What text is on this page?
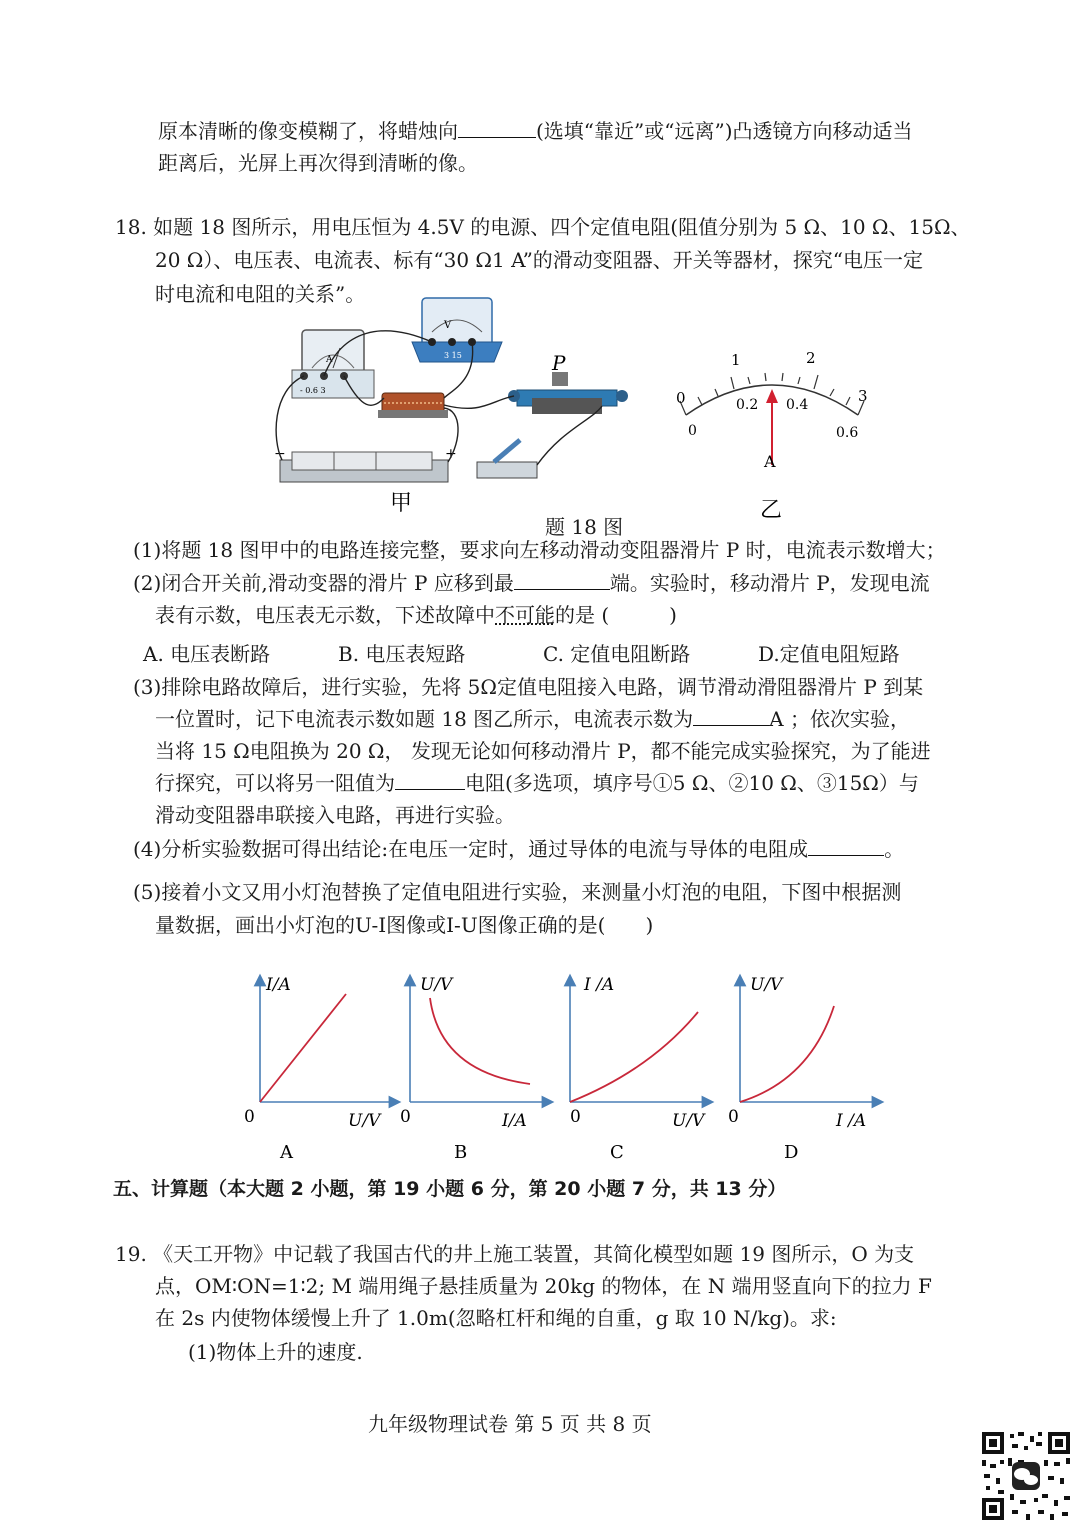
原本清晰的像变模糊了，将蜡烛向	(选填“靠近”或“远离”)凸透镜方向移动适当
距离后，光屏上再次得到清晰的像。
18. 如题 18 图所示，用电压恒为 4.5V 的电源、四个定值电阻(阻值分别为 5 Ω、10 Ω、15Ω、
20 Ω）、电压表、电流表、标有“30 Ω1 A”的滑动变阻器、开关等器材，探究“电压一定
时电流和电阻的关系”。
A
- 0.6 3
V
3 15	P
−	+
甲
0
1	2
3
0
0.2 0.4
0.6
A
乙
题 18 图
(1)将题 18 图甲中的电路连接完整，要求向左移动滑动变阻器滑片 P 时，电流表示数增大；
(2)闭合开关前,滑动变器的滑片 P 应移到最	端。实验时，移动滑片 P，发现电流
表有示数，电压表无示数，下述故障中不可能的是 (　　　)
A. 电压表断路	B. 电压表短路	C. 定值电阻断路	D.定值电阻短路
(3)排除电路故障后，进行实验，先将 5Ω定值电阻接入电路，调节滑动滑阻器滑片 P 到某
一位置时，记下电流表示数如题 18 图乙所示，电流表示数为	A ；依次实验，
当将 15 Ω电阻换为 20 Ω， 发现无论如何移动滑片 P，都不能完成实验探究，为了能进
行探究，可以将另一阻值为	电阻(多选项，填序号①5 Ω、②10 Ω、③15Ω）与
滑动变阻器串联接入电路，再进行实验。
(4)分析实验数据可得出结论:在电压一定时，通过导体的电流与导体的电阻成	。
(5)接着小文又用小灯泡替换了定值电阻进行实验，来测量小灯泡的电阻，下图中根据测
量数据，画出小灯泡的U-I图像或I-U图像正确的是(　　)
I/A
0	U/V
A
U/V
0	I/A
B
I /A
0	U/V
C
U/V
0	I /A
D
五、计算题（本大题 2 小题，第 19 小题 6 分，第 20 小题 7 分，共 13 分）
19. 《天工开物》中记载了我国古代的井上施工装置，其简化模型如题 19 图所示，O 为支
点，OM∶ON=1∶2; M 端用绳子悬挂质量为 20kg 的物体，在 N 端用竖直向下的拉力 F
在 2s 内使物体缓慢上升了 1.0m(忽略杠杆和绳的自重，g 取 10 N/kg)。求:
(1)物体上升的速度.
九年级物理试卷 第 5 页 共 8 页
